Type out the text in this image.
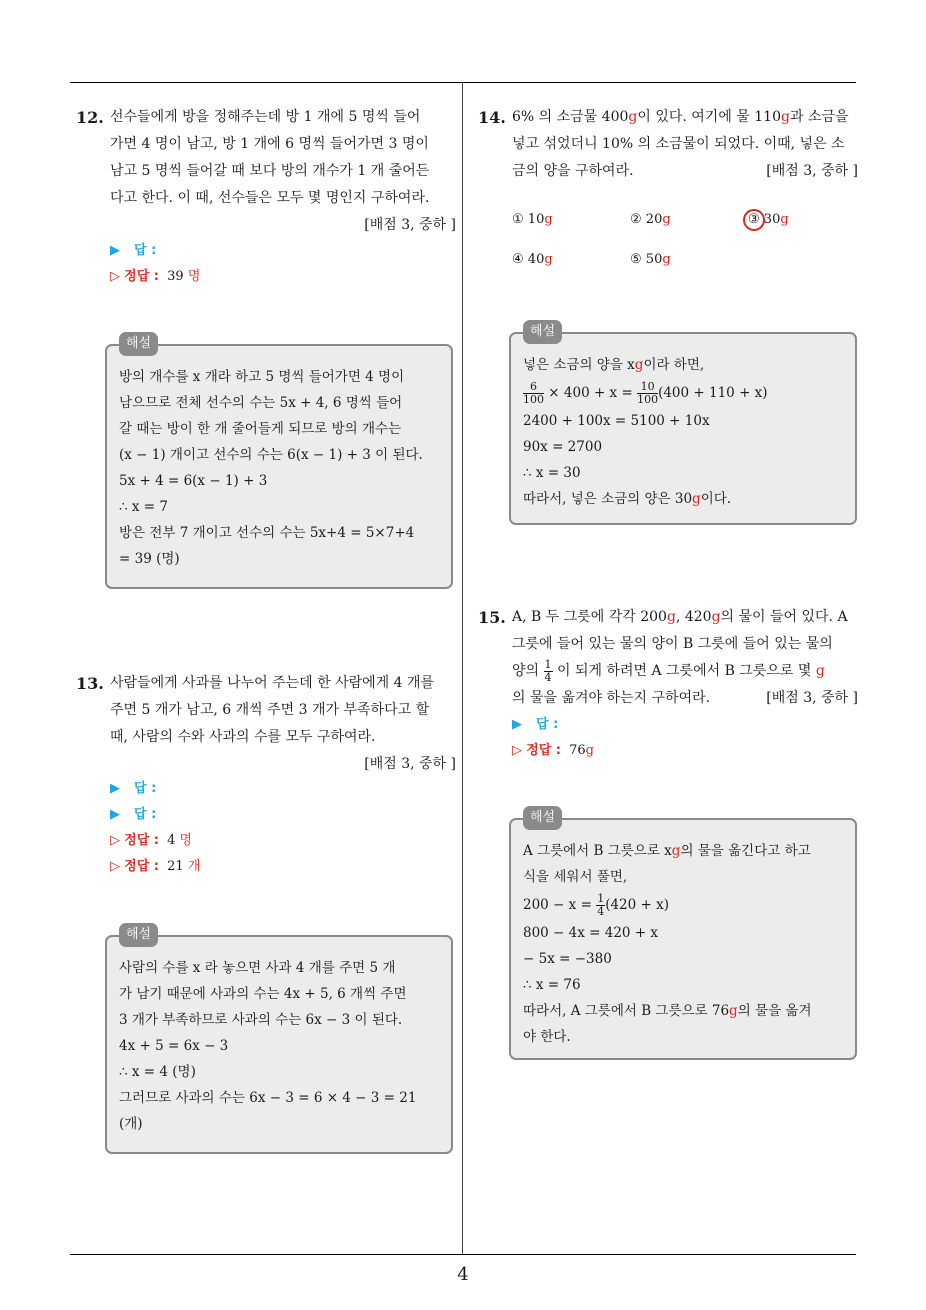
4
12. 선수들에게 방을 정해주는데 방 1 개에 5 명씩 들어
가면 4 명이 남고, 방 1 개에 6 명씩 들어가면 3 명이
남고 5 명씩 들어갈 때 보다 방의 개수가 1 개 줄어든
다고 한다. 이 때, 선수들은 모두 몇 명인지 구하여라.
[배점 3, 중하 ]
▶ 답 :
▷ 정답 : 39 명
해설
방의 개수를 x 개라 하고 5 명씩 들어가면 4 명이
남으므로 전체 선수의 수는 5x + 4, 6 명씩 들어
갈 때는 방이 한 개 줄어들게 되므로 방의 개수는
(x − 1) 개이고 선수의 수는 6(x − 1) + 3 이 된다.
5x + 4 = 6(x − 1) + 3
∴ x = 7
방은 전부 7 개이고 선수의 수는 5x+4 = 5×7+4
= 39 (명)
13. 사람들에게 사과를 나누어 주는데 한 사람에게 4 개를
주면 5 개가 남고, 6 개씩 주면 3 개가 부족하다고 할
때, 사람의 수와 사과의 수를 모두 구하여라.
[배점 3, 중하 ]
▶ 답 :
▶ 답 :
▷ 정답 : 4 명
▷ 정답 : 21 개
해설
사람의 수를 x 라 놓으면 사과 4 개를 주면 5 개
가 남기 때문에 사과의 수는 4x + 5, 6 개씩 주면
3 개가 부족하므로 사과의 수는 6x − 3 이 된다.
4x + 5 = 6x − 3
∴ x = 4 (명)
그러므로 사과의 수는 6x − 3 = 6 × 4 − 3 = 21
(개)
14. 6% 의 소금물 400g이 있다. 여기에 물 110g과 소금을
넣고 섞었더니 10% 의 소금물이 되었다. 이때, 넣은 소
금의 양을 구하여라.	[배점 3, 중하 ]
① 10g	② 20g	③ 30g
④ 40g	⑤ 50g
해설
넣은 소금의 양을 xg이라 하면,
$\frac{6}{100} \times 400 + x = \frac{10}{100} (400 + 110 + x)$
2400 + 100x = 5100 + 10x
90x = 2700
∴ x = 30
따라서, 넣은 소금의 양은 30g이다.
15. A, B 두 그릇에 각각 200g, 420g의 물이 들어 있다. A
그릇에 들어 있는 물의 양이 B 그릇에 들어 있는 물의
양의 $\frac{1}{4}$ 이 되게 하려면 A 그릇에서 B 그릇으로 몇 g
의 물을 옮겨야 하는지 구하여라.	[배점 3, 중하 ]
▶ 답 :
▷ 정답 : 76g
해설
A 그릇에서 B 그릇으로 xg의 물을 옮긴다고 하고
식을 세워서 풀면,
$200 - x = \frac{1}{4} (420 + x)$
800 − 4x = 420 + x
− 5x = −380
∴ x = 76
따라서, A 그릇에서 B 그릇으로 76g의 물을 옮겨
야 한다.
